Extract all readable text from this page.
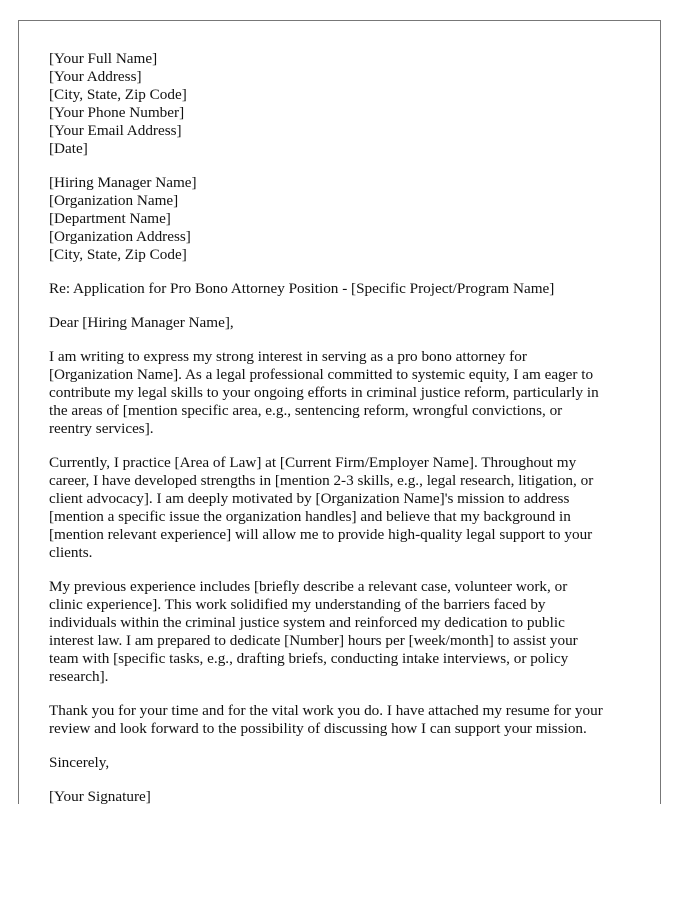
[Your Full Name]
[Your Address]
[City, State, Zip Code]
[Your Phone Number]
[Your Email Address]
[Date]
[Hiring Manager Name]
[Organization Name]
[Department Name]
[Organization Address]
[City, State, Zip Code]
Re: Application for Pro Bono Attorney Position - [Specific Project/Program Name]
Dear [Hiring Manager Name],
I am writing to express my strong interest in serving as a pro bono attorney for
[Organization Name]. As a legal professional committed to systemic equity, I am eager to
contribute my legal skills to your ongoing efforts in criminal justice reform, particularly in
the areas of [mention specific area, e.g., sentencing reform, wrongful convictions, or
reentry services].
Currently, I practice [Area of Law] at [Current Firm/Employer Name]. Throughout my
career, I have developed strengths in [mention 2-3 skills, e.g., legal research, litigation, or
client advocacy]. I am deeply motivated by [Organization Name]'s mission to address
[mention a specific issue the organization handles] and believe that my background in
[mention relevant experience] will allow me to provide high-quality legal support to your
clients.
My previous experience includes [briefly describe a relevant case, volunteer work, or
clinic experience]. This work solidified my understanding of the barriers faced by
individuals within the criminal justice system and reinforced my dedication to public
interest law. I am prepared to dedicate [Number] hours per [week/month] to assist your
team with [specific tasks, e.g., drafting briefs, conducting intake interviews, or policy
research].
Thank you for your time and for the vital work you do. I have attached my resume for your
review and look forward to the possibility of discussing how I can support your mission.
Sincerely,
[Your Signature]
